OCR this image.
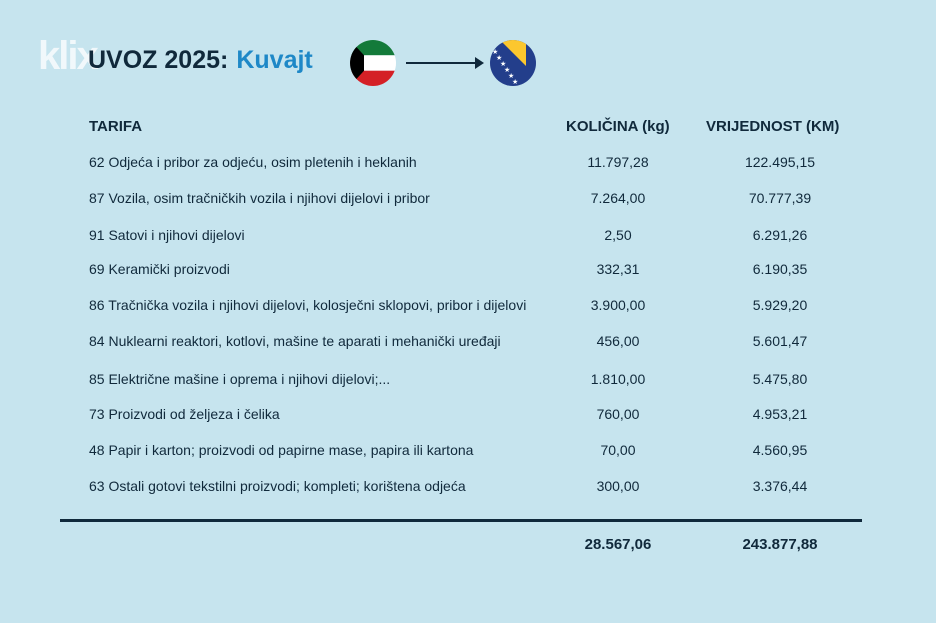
klix
UVOZ 2025: Kuvajt	★
★
★
★
★
★
TARIFA	KOLIČINA (kg) VRIJEDNOST (KM)
62 Odjeća i pribor za odjeću, osim pletenih i heklanih	11.797,28	122.495,15
87 Vozila, osim tračničkih vozila i njihovi dijelovi i pribor	7.264,00	70.777,39
91 Satovi i njihovi dijelovi	2,50	6.291,26
69 Keramički proizvodi	332,31	6.190,35
86 Tračnička vozila i njihovi dijelovi, kolosječni sklopovi, pribor i dijelovi	3.900,00	5.929,20
84 Nuklearni reaktori, kotlovi, mašine te aparati i mehanički uređaji	456,00	5.601,47
85 Električne mašine i oprema i njihovi dijelovi;...	1.810,00	5.475,80
73 Proizvodi od željeza i čelika	760,00	4.953,21
48 Papir i karton; proizvodi od papirne mase, papira ili kartona	70,00	4.560,95
63 Ostali gotovi tekstilni proizvodi; kompleti; korištena odjeća	300,00	3.376,44
28.567,06	243.877,88
